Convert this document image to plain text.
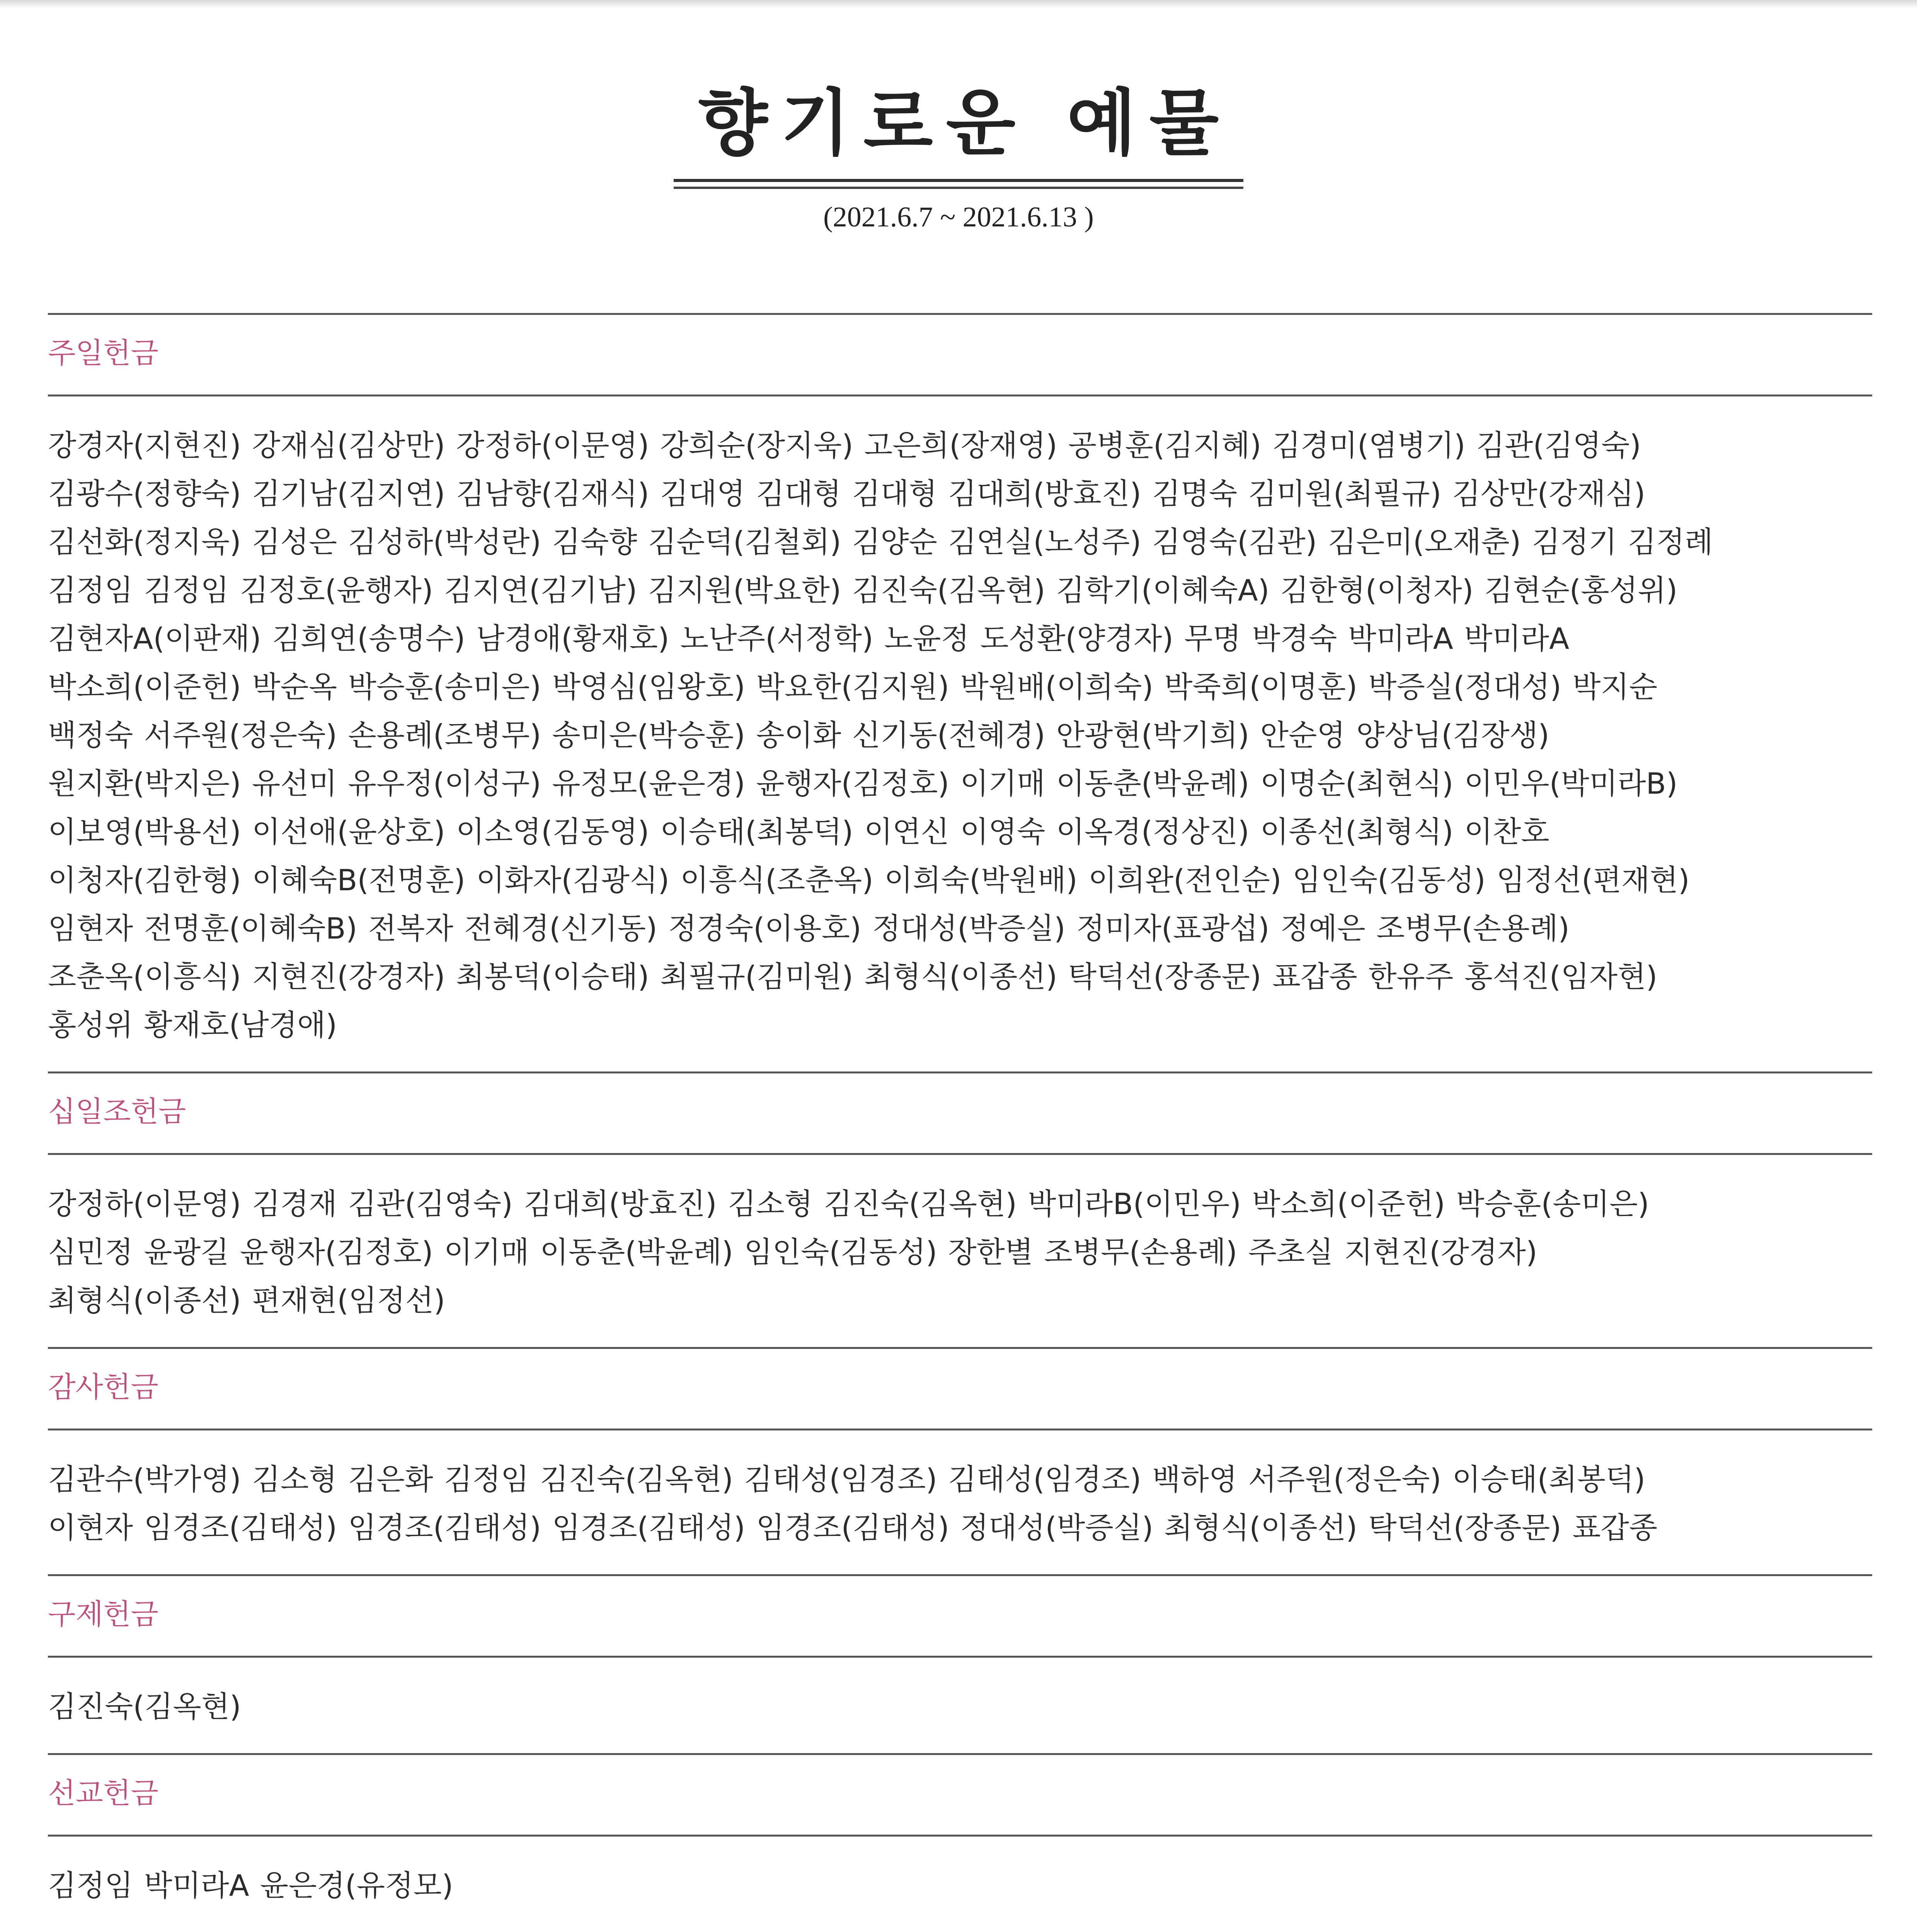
향기로운 예물
(2021.6.7 ~ 2021.6.13 )
주일헌금
강경자(지현진) 강재심(김상만) 강정하(이문영) 강희순(장지욱) 고은희(장재영) 공병훈(김지혜) 김경미(염병기) 김관(김영숙)
김광수(정향숙) 김기남(김지연) 김남향(김재식) 김대영 김대형 김대형 김대희(방효진) 김명숙 김미원(최필규) 김상만(강재심)
김선화(정지욱) 김성은 김성하(박성란) 김숙향 김순덕(김철회) 김양순 김연실(노성주) 김영숙(김관) 김은미(오재춘) 김정기 김정례
김정임 김정임 김정호(윤행자) 김지연(김기남) 김지원(박요한) 김진숙(김옥현) 김학기(이혜숙A) 김한형(이청자) 김현순(홍성위)
김현자A(이판재) 김희연(송명수) 남경애(황재호) 노난주(서정학) 노윤정 도성환(양경자) 무명 박경숙 박미라A 박미라A
박소희(이준헌) 박순옥 박승훈(송미은) 박영심(임왕호) 박요한(김지원) 박원배(이희숙) 박죽희(이명훈) 박증실(정대성) 박지순
백정숙 서주원(정은숙) 손용례(조병무) 송미은(박승훈) 송이화 신기동(전혜경) 안광현(박기희) 안순영 양상님(김장생)
원지환(박지은) 유선미 유우정(이성구) 유정모(윤은경) 윤행자(김정호) 이기매 이동춘(박윤례) 이명순(최현식) 이민우(박미라B)
이보영(박용선) 이선애(윤상호) 이소영(김동영) 이승태(최봉덕) 이연신 이영숙 이옥경(정상진) 이종선(최형식) 이찬호
이청자(김한형) 이혜숙B(전명훈) 이화자(김광식) 이흥식(조춘옥) 이희숙(박원배) 이희완(전인순) 임인숙(김동성) 임정선(편재현)
임현자 전명훈(이혜숙B) 전복자 전혜경(신기동) 정경숙(이용호) 정대성(박증실) 정미자(표광섭) 정예은 조병무(손용례)
조춘옥(이흥식) 지현진(강경자) 최봉덕(이승태) 최필규(김미원) 최형식(이종선) 탁덕선(장종문) 표갑종 한유주 홍석진(임자현)
홍성위 황재호(남경애)
십일조헌금
강정하(이문영) 김경재 김관(김영숙) 김대희(방효진) 김소형 김진숙(김옥현) 박미라B(이민우) 박소희(이준헌) 박승훈(송미은)
심민정 윤광길 윤행자(김정호) 이기매 이동춘(박윤례) 임인숙(김동성) 장한별 조병무(손용례) 주초실 지현진(강경자)
최형식(이종선) 편재현(임정선)
감사헌금
김관수(박가영) 김소형 김은화 김정임 김진숙(김옥현) 김태성(임경조) 김태성(임경조) 백하영 서주원(정은숙) 이승태(최봉덕)
이현자 임경조(김태성) 임경조(김태성) 임경조(김태성) 임경조(김태성) 정대성(박증실) 최형식(이종선) 탁덕선(장종문) 표갑종
구제헌금
김진숙(김옥현)
선교헌금
김정임 박미라A 윤은경(유정모)
